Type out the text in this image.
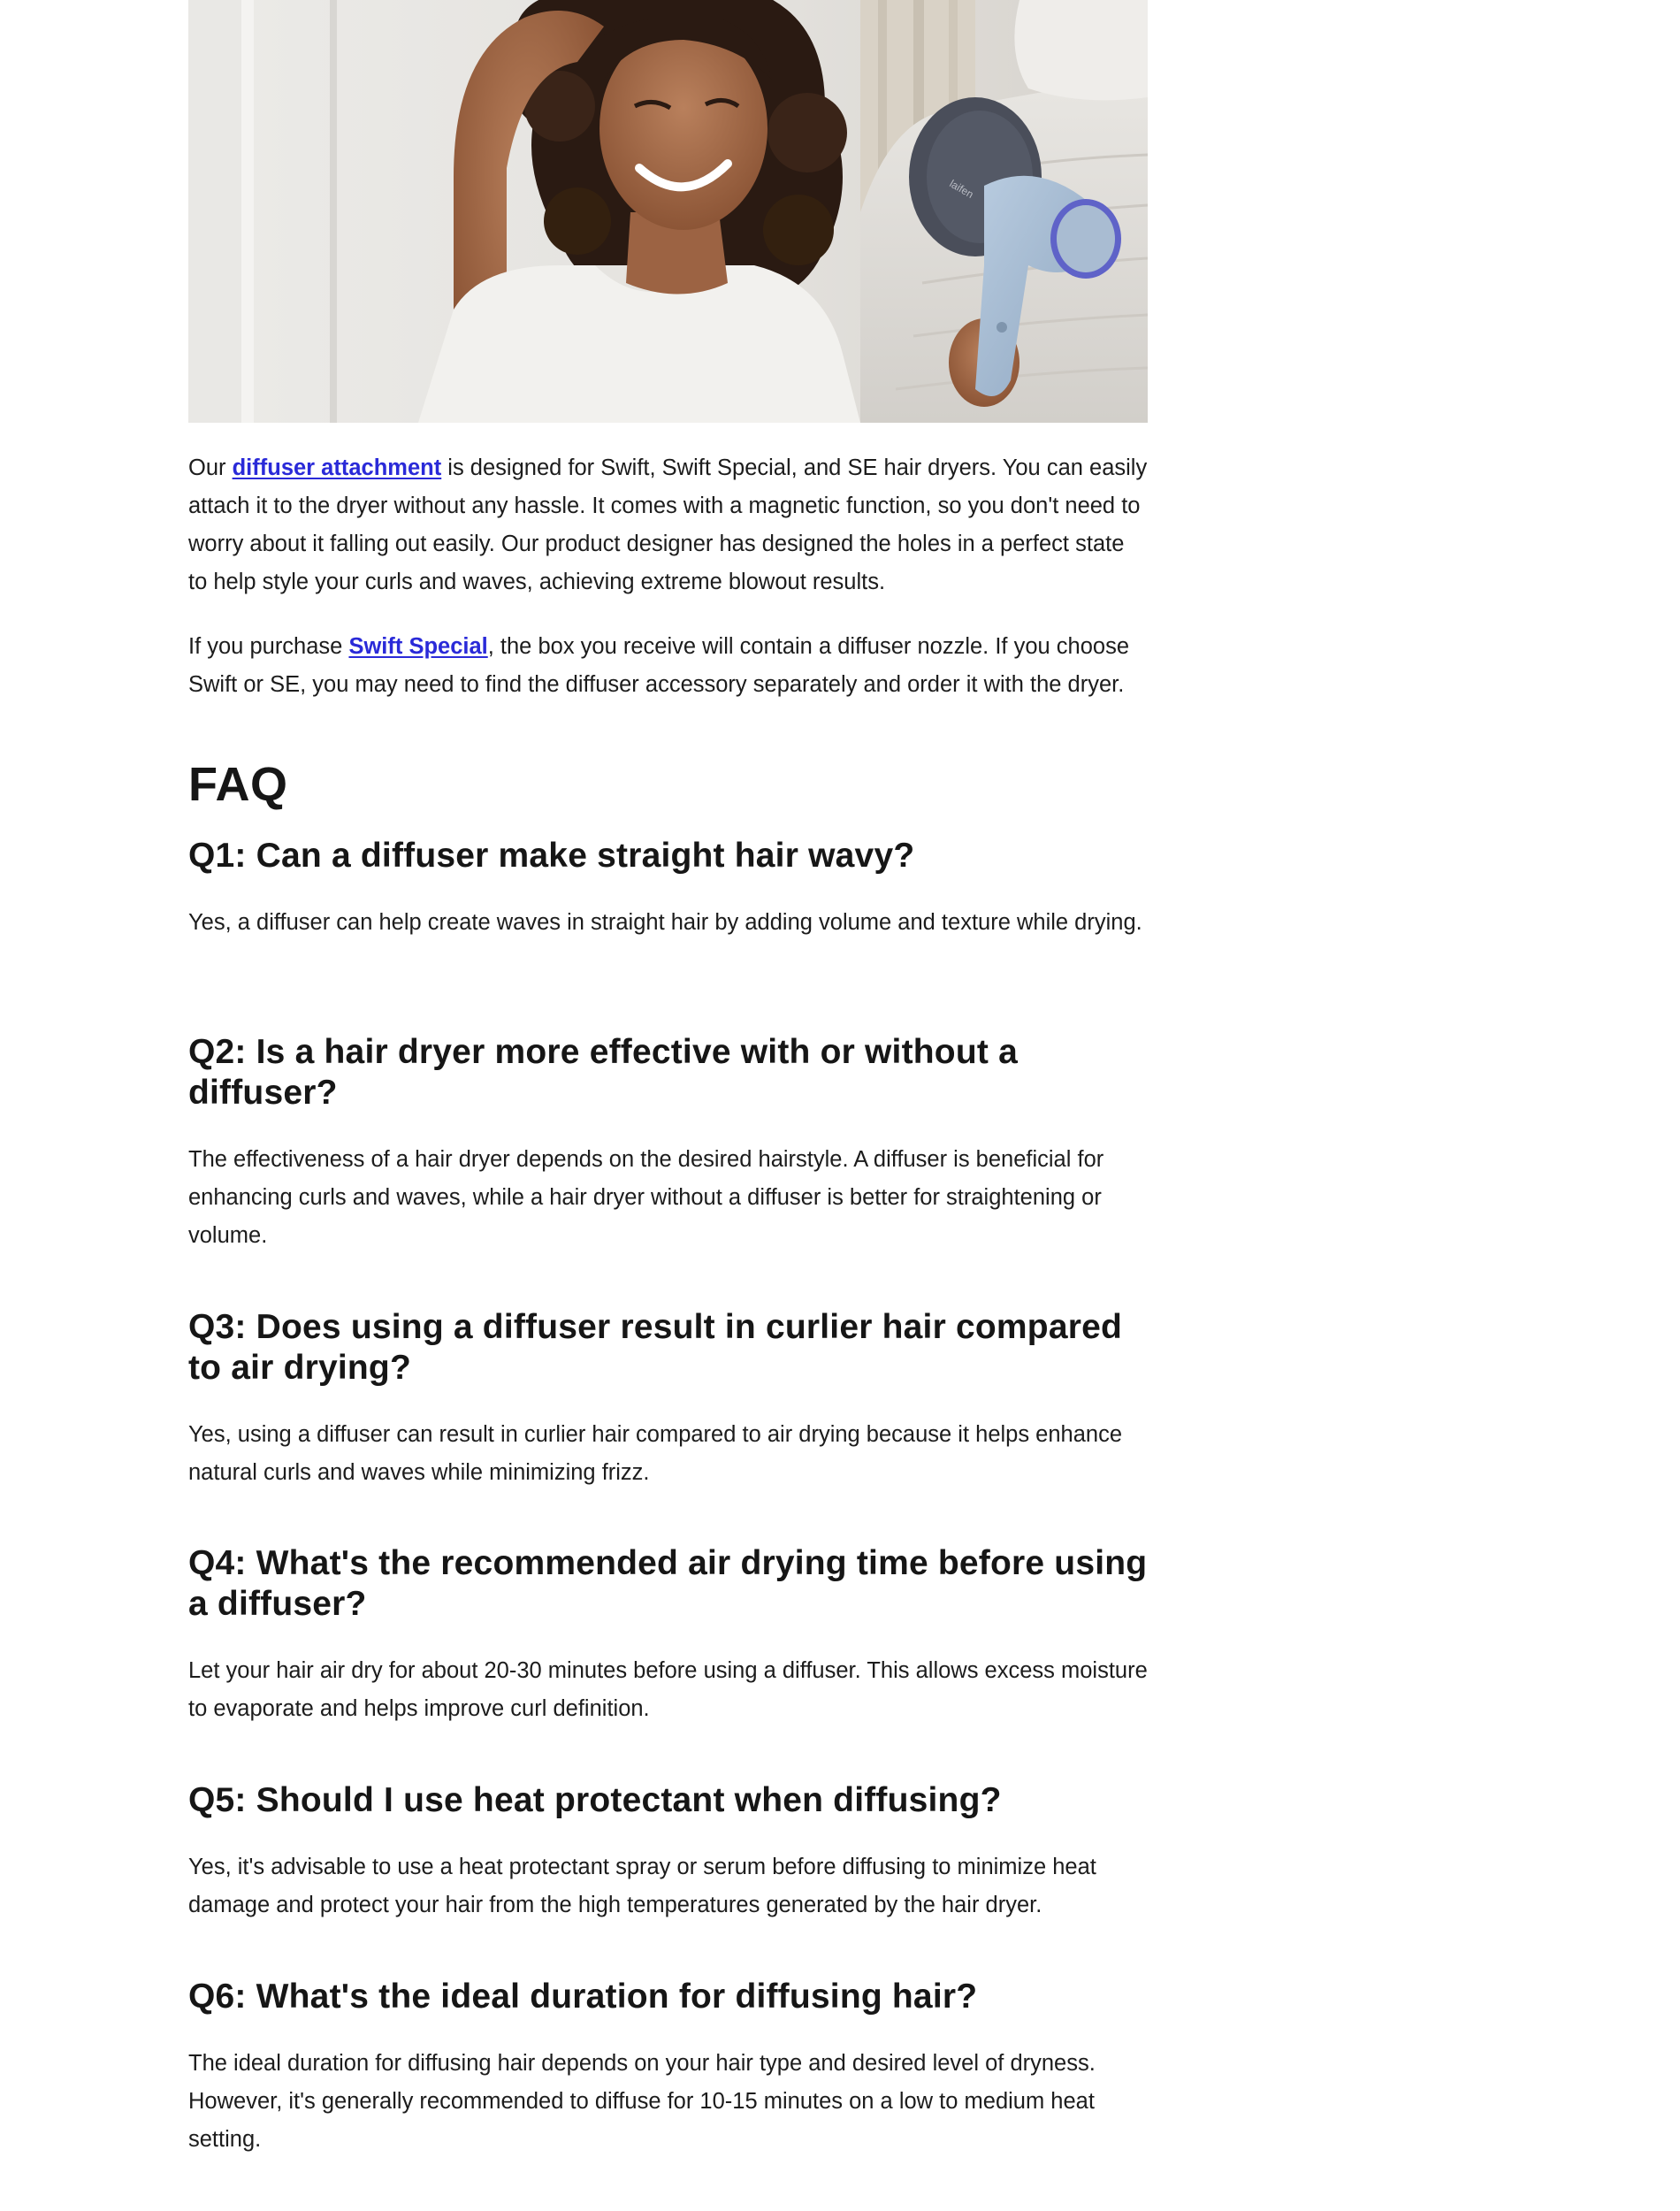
laifen

Our diffuser attachment is designed for Swift, Swift Special, and SE hair dryers. You can easily attach it to the dryer without any hassle. It comes with a magnetic function, so you don't need to worry about it falling out easily. Our product designer has designed the holes in a perfect state to help style your curls and waves, achieving extreme blowout results.

If you purchase Swift Special, the box you receive will contain a diffuser nozzle. If you choose Swift or SE, you may need to find the diffuser accessory separately and order it with the dryer.

FAQ
Q1: Can a diffuser make straight hair wavy?

Yes, a diffuser can help create waves in straight hair by adding volume and texture while drying.

Q2: Is a hair dryer more effective with or without a diffuser?

The effectiveness of a hair dryer depends on the desired hairstyle. A diffuser is beneficial for enhancing curls and waves, while a hair dryer without a diffuser is better for straightening or volume.

Q3: Does using a diffuser result in curlier hair compared to air drying?

Yes, using a diffuser can result in curlier hair compared to air drying because it helps enhance natural curls and waves while minimizing frizz.

Q4: What's the recommended air drying time before using a diffuser?

Let your hair air dry for about 20-30 minutes before using a diffuser. This allows excess moisture to evaporate and helps improve curl definition.

Q5: Should I use heat protectant when diffusing?

Yes, it's advisable to use a heat protectant spray or serum before diffusing to minimize heat damage and protect your hair from the high temperatures generated by the hair dryer.

Q6: What's the ideal duration for diffusing hair?

The ideal duration for diffusing hair depends on your hair type and desired level of dryness. However, it's generally recommended to diffuse for 10-15 minutes on a low to medium heat setting.
